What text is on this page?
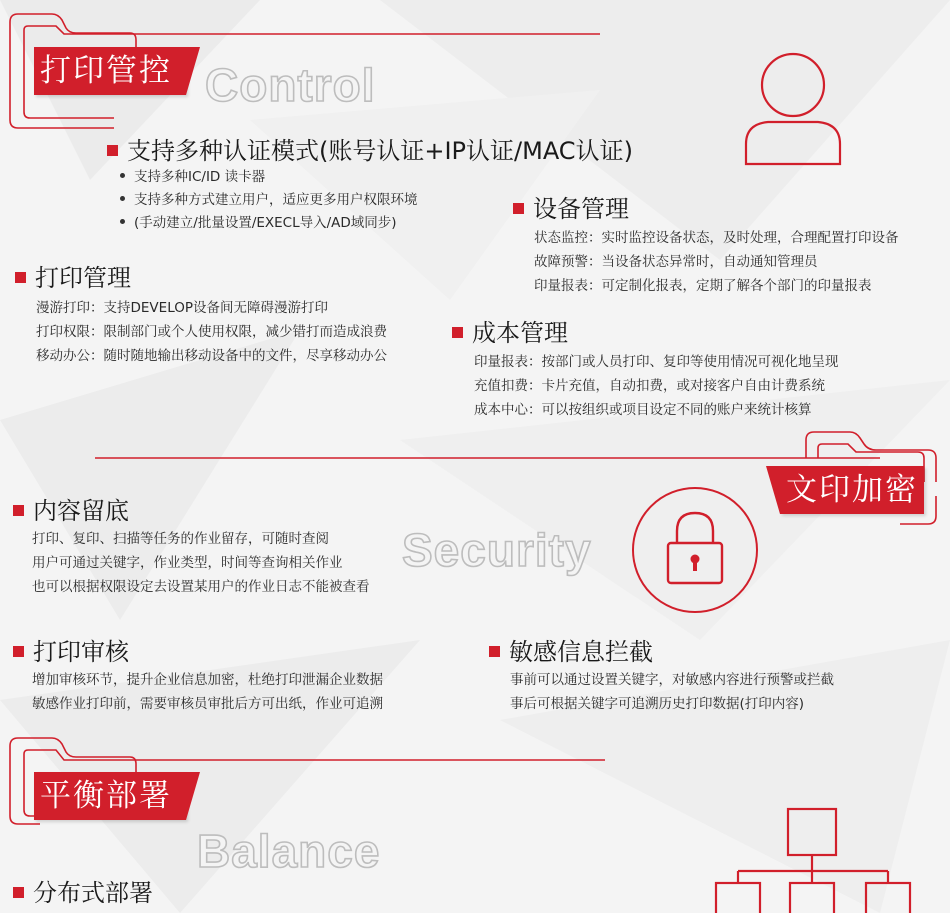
打印管控 Control
支持多种认证模式(账号认证+IP认证/MAC认证)
支持多种IC/ID 读卡器
支持多种方式建立用户，适应更多用户权限环境
(手动建立/批量设置/EXECL导入/AD域同步)	设备管理
状态监控：实时监控设备状态，及时处理，合理配置打印设备
故障预警：当设备状态异常时，自动通知管理员
印量报表：可定制化报表，定期了解各个部门的印量报表
打印管理
漫游打印：支持DEVELOP设备间无障碍漫游打印
打印权限：限制部门或个人使用权限，减少错打而造成浪费
移动办公：随时随地输出移动设备中的文件，尽享移动办公
成本管理
印量报表：按部门或人员打印、复印等使用情况可视化地呈现
充值扣费：卡片充值，自动扣费，或对接客户自由计费系统
成本中心：可以按组织或项目设定不同的账户来统计核算
文印加密
Security
内容留底
打印、复印、扫描等任务的作业留存，可随时查阅
用户可通过关键字，作业类型，时间等查询相关作业
也可以根据权限设定去设置某用户的作业日志不能被查看
打印审核
增加审核环节，提升企业信息加密，杜绝打印泄漏企业数据
敏感作业打印前，需要审核员审批后方可出纸，作业可追溯
敏感信息拦截
事前可以通过设置关键字，对敏感内容进行预警或拦截
事后可根据关键字可追溯历史打印数据(打印内容)
平衡部署
Balance
分布式部署
